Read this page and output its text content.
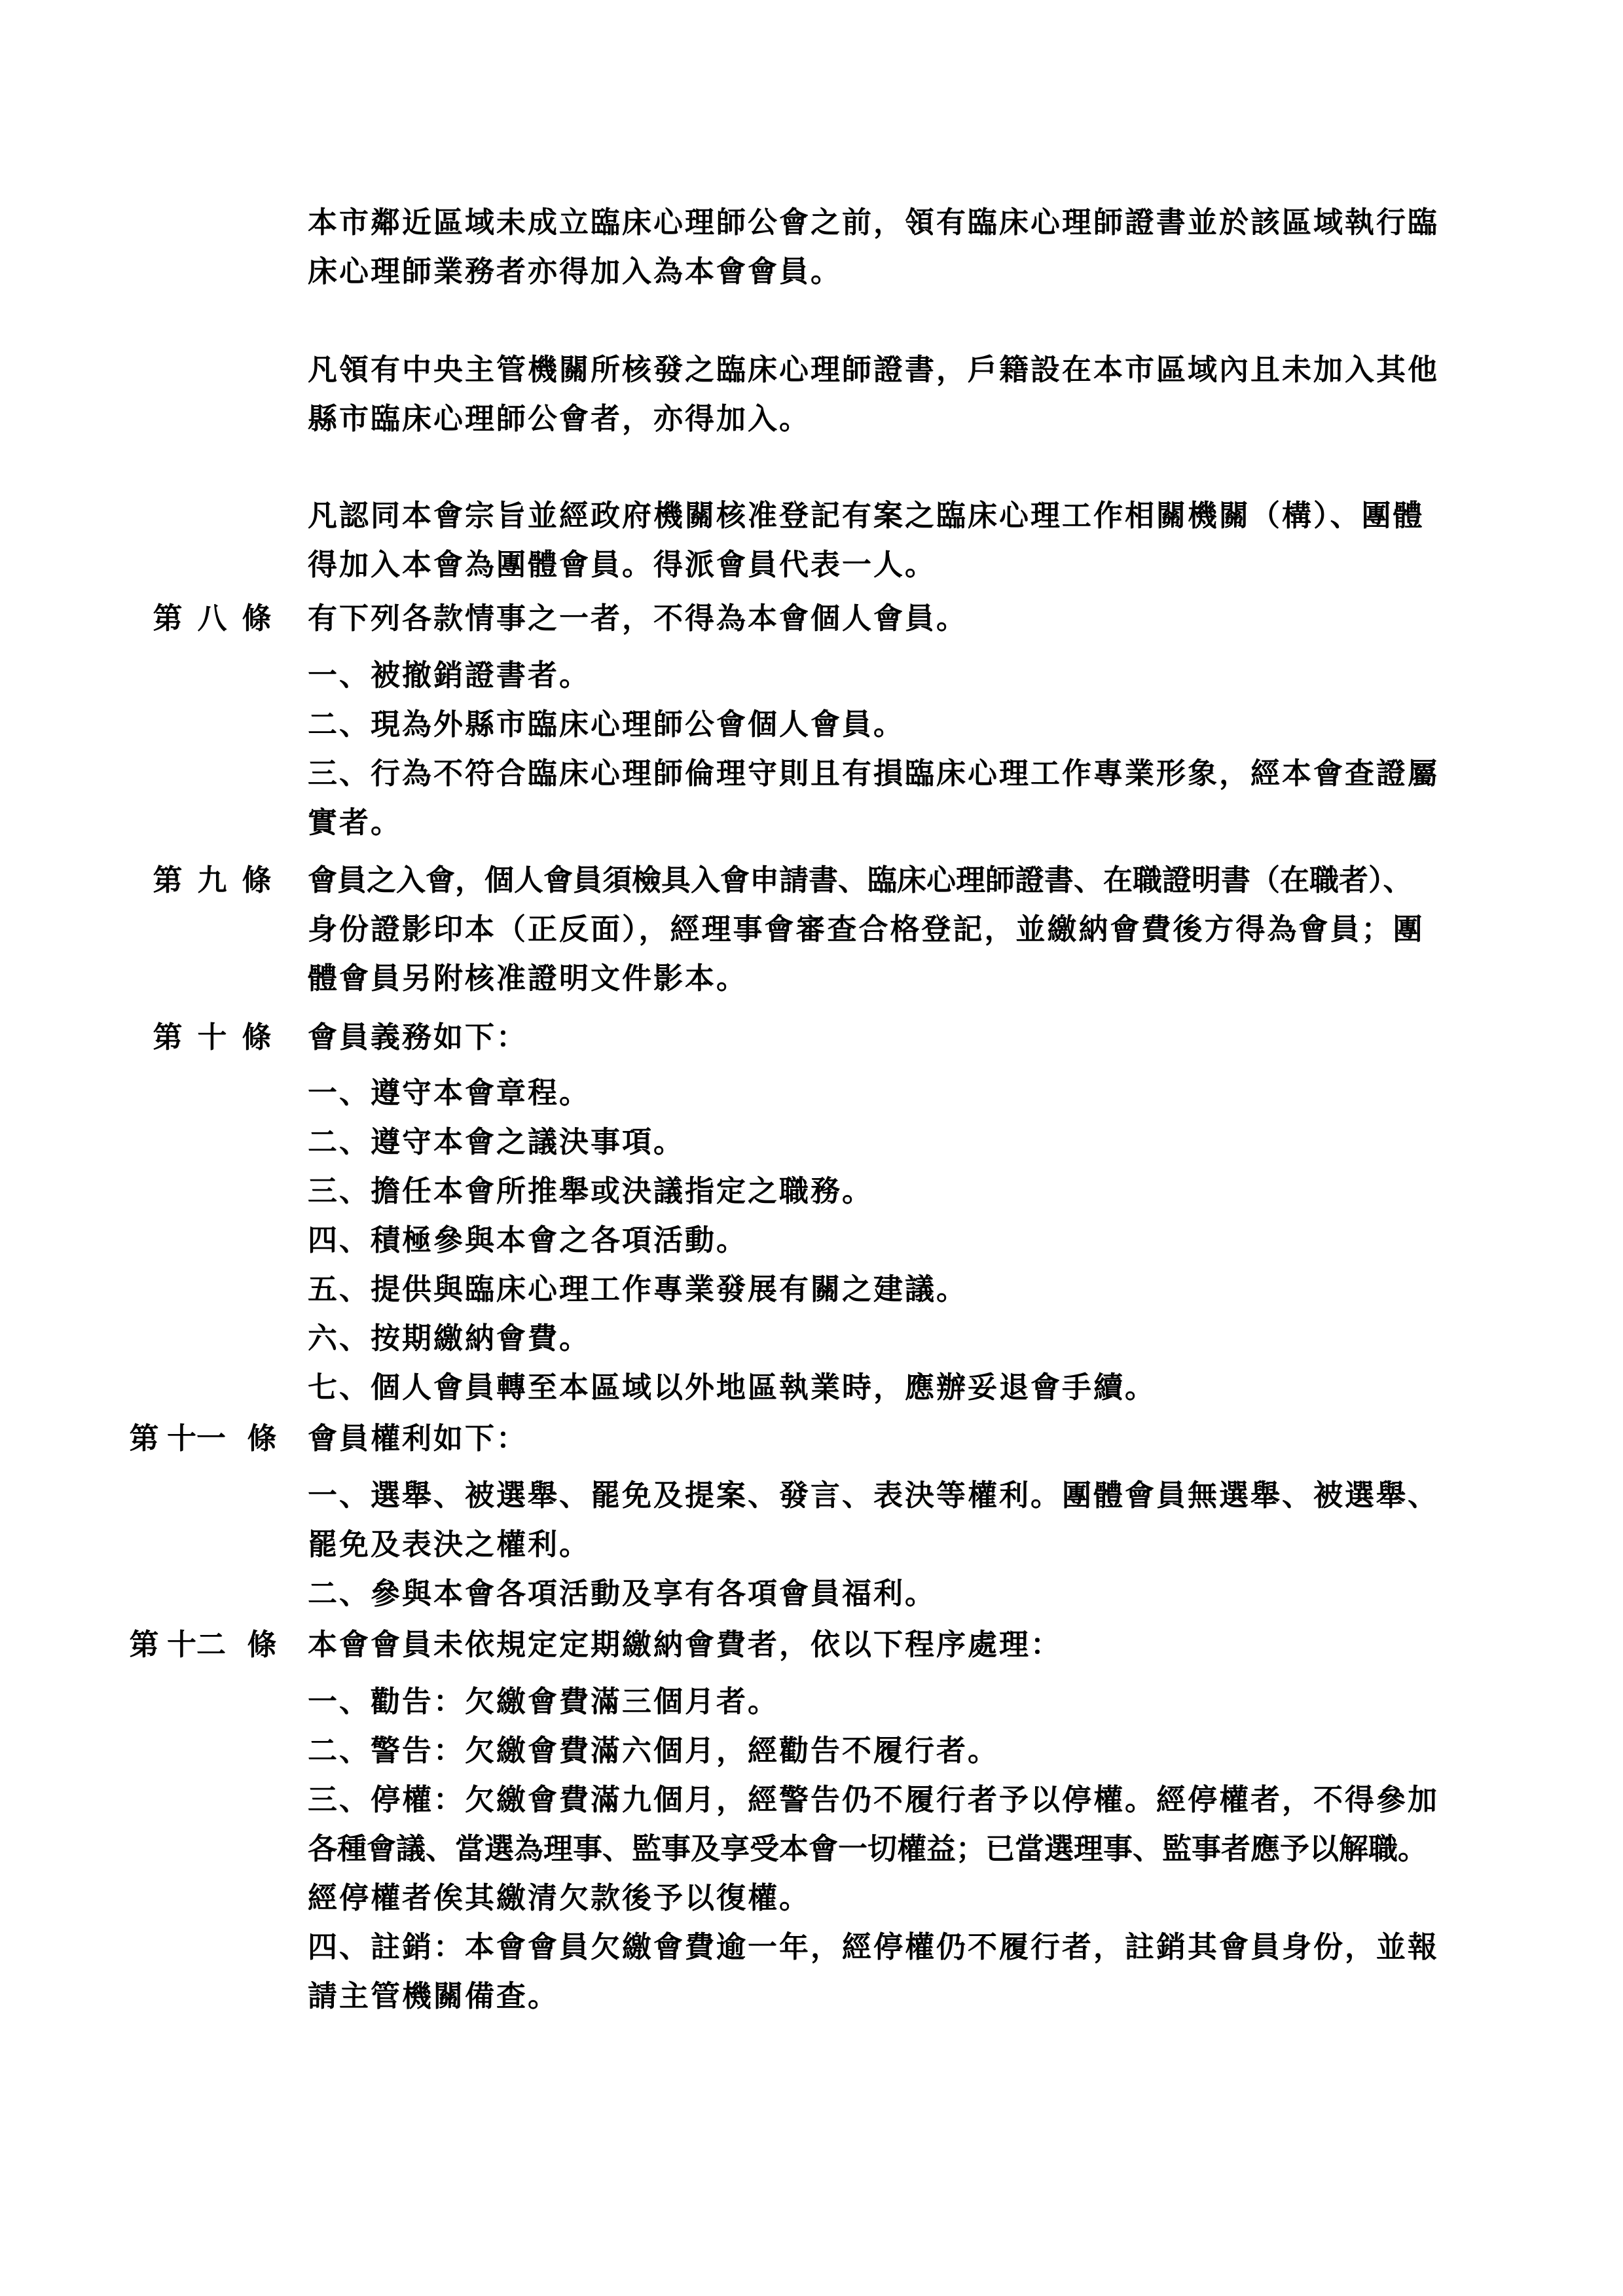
本市鄰近區域未成立臨床心理師公會之前，領有臨床心理師證書並於該區域執行臨
床心理師業務者亦得加入為本會會員。
凡領有中央主管機關所核發之臨床心理師證書，戶籍設在本市區域內且未加入其他
縣市臨床心理師公會者，亦得加入。
凡認同本會宗旨並經政府機關核准登記有案之臨床心理工作相關機關（構）、團體
得加入本會為團體會員。得派會員代表一人。
第 八 條 有下列各款情事之一者，不得為本會個人會員。
一、被撤銷證書者。
二、現為外縣市臨床心理師公會個人會員。
三、行為不符合臨床心理師倫理守則且有損臨床心理工作專業形象，經本會查證屬
實者。
第 九 條 會員之入會，個人會員須檢具入會申請書、臨床心理師證書、在職證明書（在職者）、
身份證影印本（正反面），經理事會審查合格登記，並繳納會費後方得為會員；團
體會員另附核准證明文件影本。
第 十 條 會員義務如下：
一、遵守本會章程。
二、遵守本會之議決事項。
三、擔任本會所推舉或決議指定之職務。
四、積極參與本會之各項活動。
五、提供與臨床心理工作專業發展有關之建議。
六、按期繳納會費。
七、個人會員轉至本區域以外地區執業時，應辦妥退會手續。
第 十一 條	會員權利如下：
一、選舉、被選舉、罷免及提案、發言、表決等權利。團體會員無選舉、被選舉、
罷免及表決之權利。
二、參與本會各項活動及享有各項會員福利。
第 十二 條	本會會員未依規定定期繳納會費者，依以下程序處理：
一、勸告：欠繳會費滿三個月者。
二、警告：欠繳會費滿六個月，經勸告不履行者。
三、停權：欠繳會費滿九個月，經警告仍不履行者予以停權。經停權者，不得參加
各種會議、當選為理事、監事及享受本會一切權益；已當選理事、監事者應予以解職。
經停權者俟其繳清欠款後予以復權。
四、註銷：本會會員欠繳會費逾一年，經停權仍不履行者，註銷其會員身份，並報
請主管機關備查。
